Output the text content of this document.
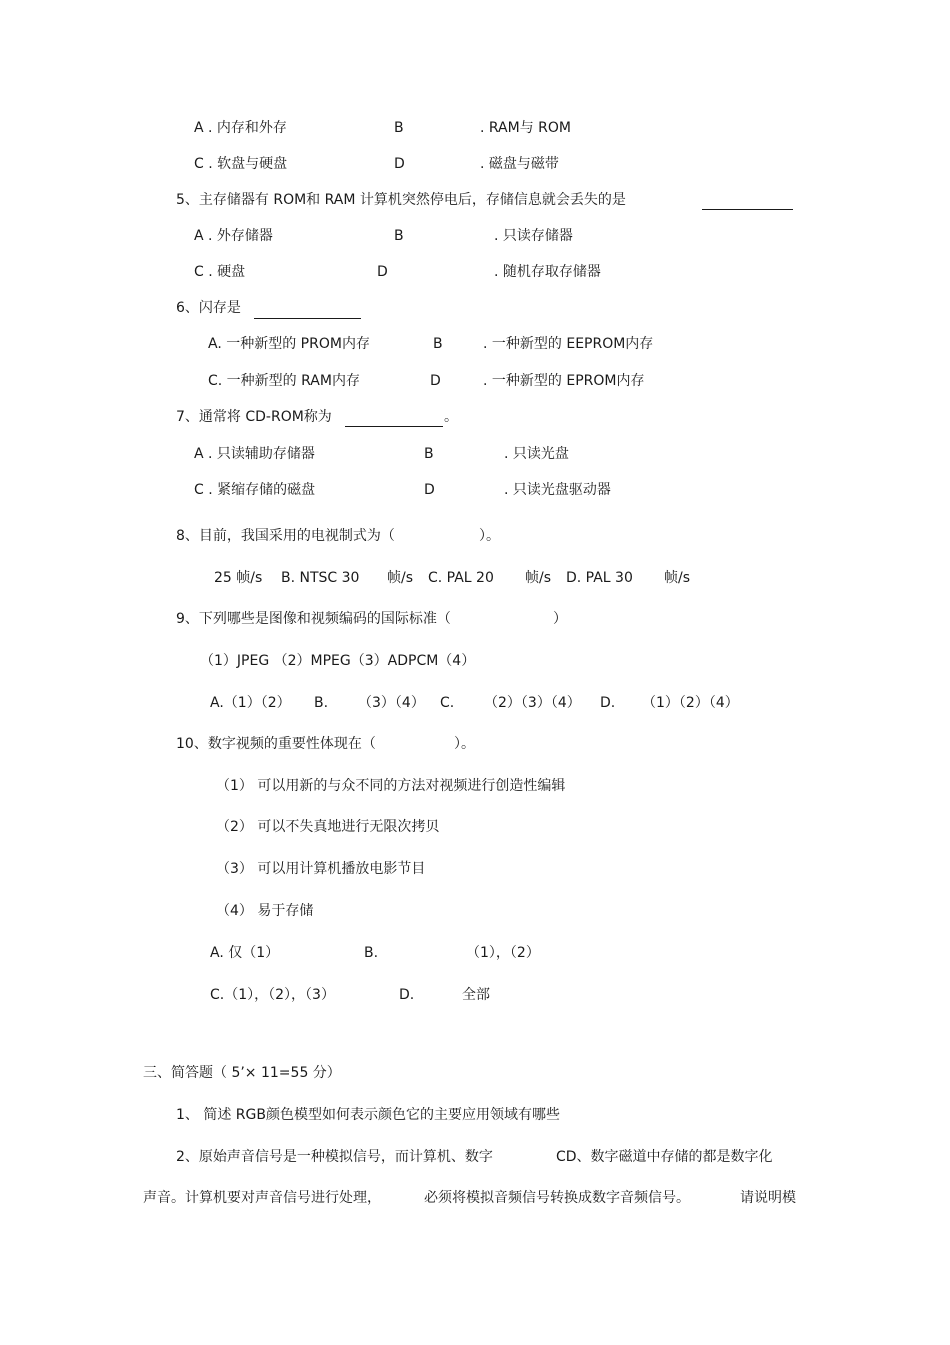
A . 内存和外存	B	. RAM与 ROM
C . 软盘与硬盘	D	. 磁盘与磁带
5、主存储器有 ROM和 RAM 计算机突然停电后，存储信息就会丢失的是
A . 外存储器	B	. 只读存储器
C . 硬盘	D	. 随机存取存储器
6、闪存是
A. 一种新型的 PROM内存	B	. 一种新型的 EEPROM内存
C. 一种新型的 RAM内存	D	. 一种新型的 EPROM内存
7、通常将 CD-ROM称为	。
A . 只读辅助存储器	B	. 只读光盘
C . 紧缩存储的磁盘	D	. 只读光盘驱动器
8、目前，我国采用的电视制式为（	）。
25 帧/s B. NTSC 30 帧/s C. PAL 20 帧/s D. PAL 30 帧/s
9、下列哪些是图像和视频编码的国际标准（	）
（1）JPEG （2）MPEG（3）ADPCM（4）
A.（1）（2） B. （3）（4） C. （2）（3）（4） D. （1）（2）（4）
10、数字视频的重要性体现在（	）。
（1） 可以用新的与众不同的方法对视频进行创造性编辑
（2） 可以不失真地进行无限次拷贝
（3） 可以用计算机播放电影节目
（4） 易于存储
A. 仅（1）	B.	（1），（2）
C.（1），（2），（3）	D.	全部
三、简答题（ 5’× 11=55 分）
1、 简述 RGB颜色模型如何表示颜色它的主要应用领域有哪些
2、原始声音信号是一种模拟信号，而计算机、数字	CD、数字磁道中存储的都是数字化
声音。计算机要对声音信号进行处理，	必须将模拟音频信号转换成数字音频信号。	请说明模
